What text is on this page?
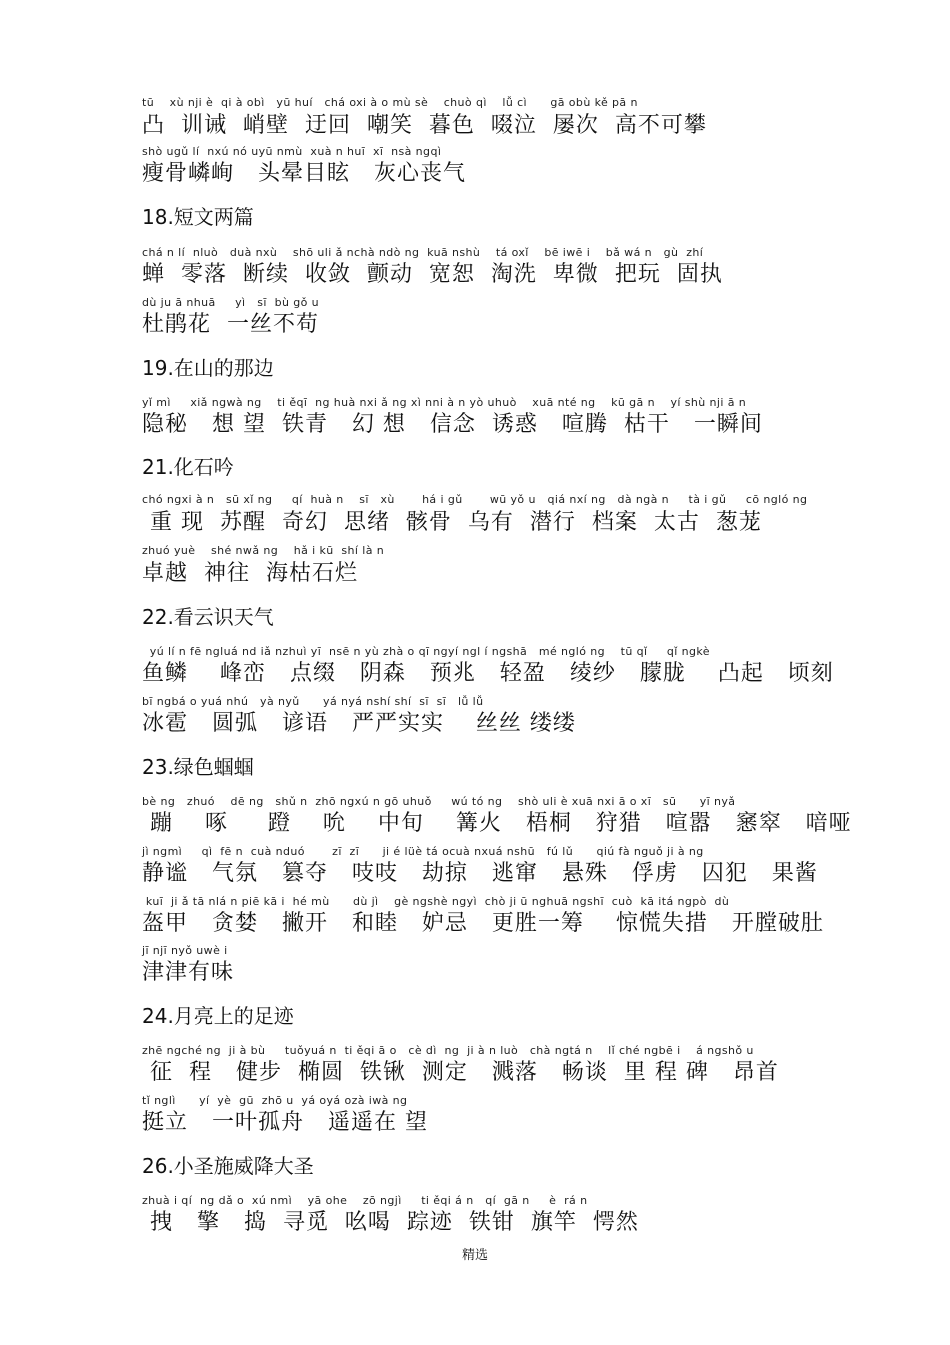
tū    xù nji è  qi à obì   yū huí   chá oxi à o mù sè    chuò qì    lǚ cì      gā obù kě pā n
凸  训诫  峭壁  迂回  嘲笑  暮色  啜泣  屡次  高不可攀
shò ugǔ lí  nxú nó uyū nmù  xuà n huī  xī  nsà ngqì
瘦骨嶙峋   头晕目眩   灰心丧气
18.短文两篇
chá n lí  nluò   duà nxù    shō uli ǎ nchà ndò ng  kuā nshù    tá oxǐ    bē iwē i    bǎ wá n   gù  zhí
蝉  零落  断续  收敛  颤动  宽恕  淘洗  卑微  把玩  固执
dù ju ā nhuā     yì   sī  bù gǒ u
杜鹃花  一丝不苟
19.在山的那边
yǐ mì     xiǎ ngwà ng    ti ěqī  ng huà nxi ǎ ng xì nni à n yò uhuò    xuā nté ng    kū gā n    yí shù nji ā n
隐秘   想 望  铁青   幻 想   信念  诱惑   喧腾  枯干   一瞬间
21.化石吟
chó ngxi à n   sū xǐ ng     qí  huà n    sī   xù       há i gǔ       wū yǒ u   qiá nxí ng   dà ngà n     tà i gǔ     cō ngló ng
重 现  苏醒  奇幻  思绪  骸骨  乌有  潜行  档案  太古  葱茏
zhuó yuè    shé nwǎ ng    hǎ i kū  shí là n
卓越  神往  海枯石烂
22.看云识天气
yú lí n fē ngluá nd iǎ nzhuì yī  nsē n yù zhà o qī ngyí ngl í ngshā   mé ngló ng    tū qǐ     qǐ ngkè
鱼鳞    峰峦   点缀   阴森   预兆   轻盈   绫纱   朦胧    凸起   顷刻
bī ngbá o yuá nhú   yà nyǔ      yá nyá nshí shí  sī  sī   lǚ lǚ
冰雹   圆弧   谚语   严严实实    丝丝 缕缕
23.绿色蝈蝈
bè ng   zhuó    dē ng   shǔ n  zhō ngxú n gō uhuǒ     wú tó ng    shò uli è xuā nxi ā o xī   sū      yī nyǎ
蹦    啄     蹬    吮    中旬    篝火   梧桐   狩猎   喧嚣   窸窣   喑哑
jì ngmì     qì  fē n  cuà nduó       zī  zī      ji é lüè tá ocuà nxuá nshū   fú lǔ      qiú fà nguǒ ji à ng
静谧   气氛   篡夺   吱吱   劫掠   逃窜   悬殊   俘虏   囚犯   果酱
kuī  ji ǎ tā nlá n piē kā i  hé mù      dù jì    gè ngshè ngyì  chò ji ū nghuā ngshī  cuò  kā itá ngpò  dù
盔甲   贪婪   撇开   和睦   妒忌   更胜一筹    惊慌失措   开膛破肚
jī njī nyǒ uwè i
津津有味
24.月亮上的足迹
zhē ngché ng  ji à bù     tuǒyuá n  ti ěqi ā o   cè dì  ng  ji à n luò   chà ngtá n    lǐ ché ngbē i    á ngshǒ u
征  程   健步  椭圆  铁锹  测定   溅落   畅谈  里 程 碑   昂首
tǐ nglì      yí  yè  gū  zhō u  yá oyá ozà iwà ng
挺立   一叶孤舟   遥遥在 望
26.小圣施威降大圣
zhuà i qí  ng dǎ o  xú nmì    yā ohe    zō ngjì     ti ěqi á n   qí  gā n     è  rá n
拽   擎   捣  寻觅  吆喝  踪迹  铁钳  旗竿  愕然
精选
